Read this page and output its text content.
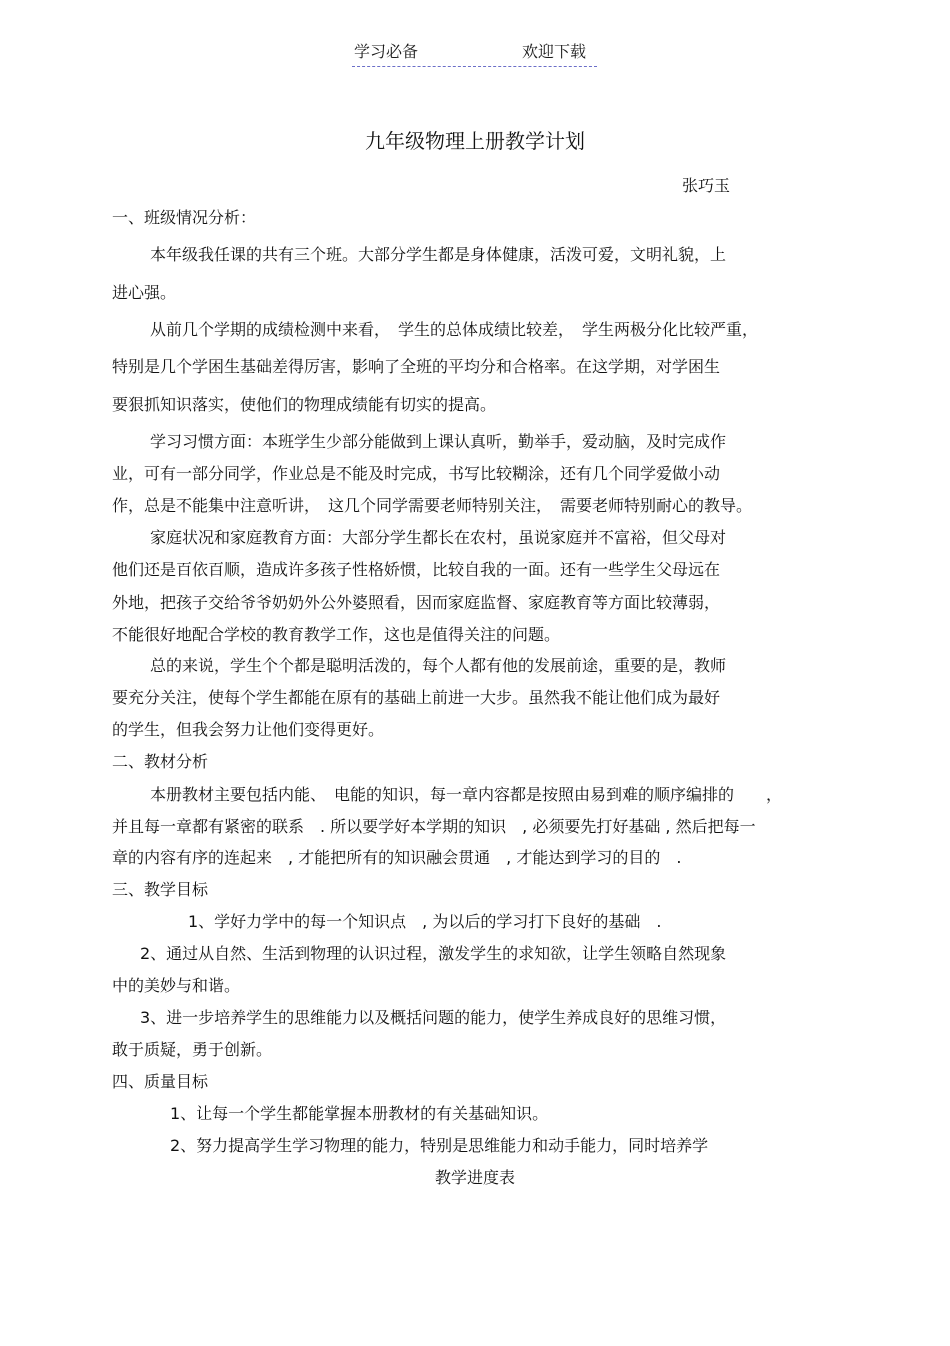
学习必备	欢迎下载
九年级物理上册教学计划
张巧玉
一、班级情况分析：
本年级我任课的共有三个班。大部分学生都是身体健康，活泼可爱，文明礼貌，上
进心强。
从前几个学期的成绩检测中来看，　学生的总体成绩比较差，　学生两极分化比较严重，
特别是几个学困生基础差得厉害，影响了全班的平均分和合格率。在这学期，对学困生
要狠抓知识落实，使他们的物理成绩能有切实的提高。
学习习惯方面：本班学生少部分能做到上课认真听，勤举手，爱动脑，及时完成作
业，可有一部分同学，作业总是不能及时完成，书写比较糊涂，还有几个同学爱做小动
作，总是不能集中注意听讲，　这几个同学需要老师特别关注，　需要老师特别耐心的教导。
家庭状况和家庭教育方面：大部分学生都长在农村，虽说家庭并不富裕，但父母对
他们还是百依百顺，造成许多孩子性格娇惯，比较自我的一面。还有一些学生父母远在
外地，把孩子交给爷爷奶奶外公外婆照看，因而家庭监督、家庭教育等方面比较薄弱，
不能很好地配合学校的教育教学工作，这也是值得关注的问题。
总的来说，学生个个都是聪明活泼的，每个人都有他的发展前途，重要的是，教师
要充分关注，使每个学生都能在原有的基础上前进一大步。虽然我不能让他们成为最好
的学生，但我会努力让他们变得更好。
二、教材分析
本册教材主要包括内能、　电能的知识，每一章内容都是按照由易到难的顺序编排的　　，
并且每一章都有紧密的联系　. 所以要学好本学期的知识　, 必须要先打好基础 , 然后把每一
章的内容有序的连起来　, 才能把所有的知识融会贯通　, 才能达到学习的目的　.
三、教学目标
1、学好力学中的每一个知识点　, 为以后的学习打下良好的基础　.
2、通过从自然、生活到物理的认识过程，激发学生的求知欲，让学生领略自然现象
中的美妙与和谐。
3、进一步培养学生的思维能力以及概括问题的能力，使学生养成良好的思维习惯，
敢于质疑，勇于创新。
四、质量目标
1、让每一个学生都能掌握本册教材的有关基础知识。
2、努力提高学生学习物理的能力，特别是思维能力和动手能力，同时培养学
教学进度表
